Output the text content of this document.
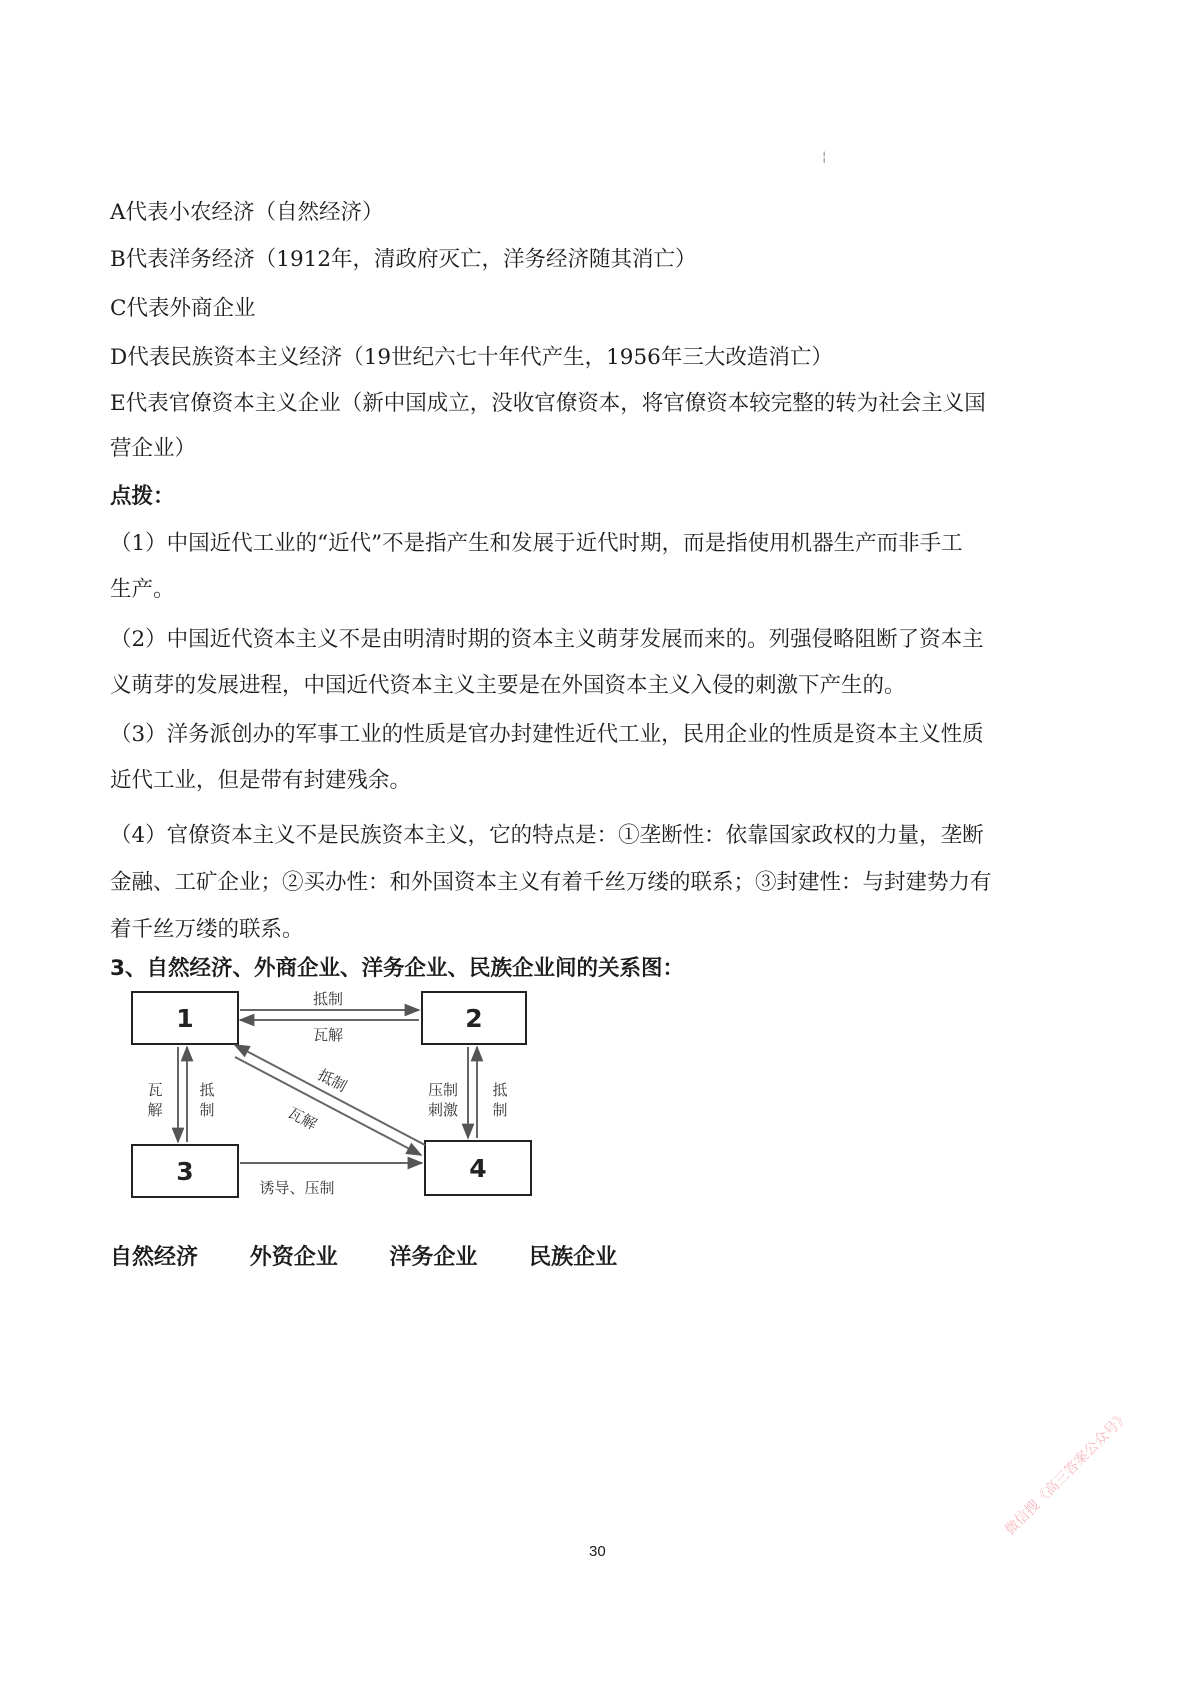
¦
A代表小农经济（自然经济）
B代表洋务经济（1912年，清政府灭亡，洋务经济随其消亡）
C代表外商企业
D代表民族资本主义经济（19世纪六七十年代产生，1956年三大改造消亡）
E代表官僚资本主义企业（新中国成立，没收官僚资本，将官僚资本较完整的转为社会主义国
营企业）
点拨：
（1）中国近代工业的“近代”不是指产生和发展于近代时期，而是指使用机器生产而非手工
生产。
（2）中国近代资本主义不是由明清时期的资本主义萌芽发展而来的。列强侵略阻断了资本主
义萌芽的发展进程，中国近代资本主义主要是在外国资本主义入侵的刺激下产生的。
（3）洋务派创办的军事工业的性质是官办封建性近代工业，民用企业的性质是资本主义性质
近代工业，但是带有封建残余。
（4）官僚资本主义不是民族资本主义，它的特点是：①垄断性：依靠国家政权的力量，垄断
金融、工矿企业；②买办性：和外国资本主义有着千丝万缕的联系；③封建性：与封建势力有
着千丝万缕的联系。
3、自然经济、外商企业、洋务企业、民族企业间的关系图：
1	2
3	4
抵制
瓦解
瓦
解
抵
制
抵制
瓦解
压制
刺激
抵
制
诱导、压制
自然经济 外资企业 洋务企业 民族企业
30
微信搜《高三答案公众号》
